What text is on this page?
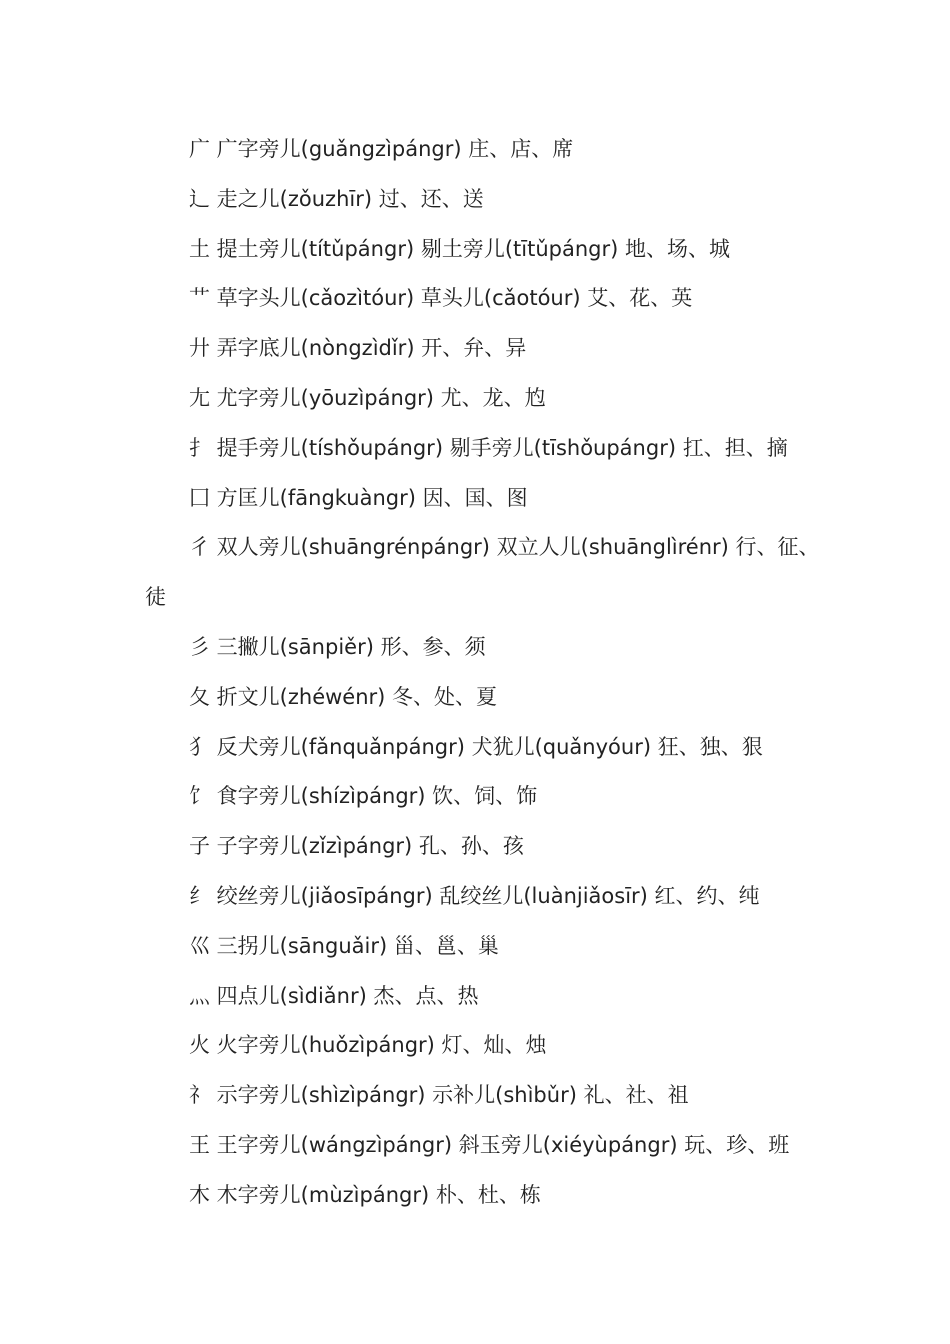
广 广字旁儿(guǎngzìpángr) 庄、店、席
辶 走之儿(zǒuzhīr) 过、还、送
土 提土旁儿(títǔpángr) 剔土旁儿(tītǔpángr) 地、场、城
艹 草字头儿(cǎozìtóur) 草头儿(cǎotóur) 艾、花、英
廾 弄字底儿(nòngzìdǐr) 开、弁、异
尢 尤字旁儿(yōuzìpángr) 尤、龙、尥
扌 提手旁儿(tíshǒupángr) 剔手旁儿(tīshǒupángr) 扛、担、摘
囗 方匡儿(fāngkuàngr) 因、国、图
彳 双人旁儿(shuāngrénpángr) 双立人儿(shuānglìrénr) 行、征、
徒
彡 三撇儿(sānpiěr) 形、参、须
夂 折文儿(zhéwénr) 冬、处、夏
犭 反犬旁儿(fǎnquǎnpángr) 犬犹儿(quǎnyóur) 狂、独、狠
饣 食字旁儿(shízìpángr) 饮、饲、饰
子 子字旁儿(zǐzìpángr) 孔、孙、孩
纟 绞丝旁儿(jiǎosīpángr) 乱绞丝儿(luànjiǎosīr) 红、约、纯
巛 三拐儿(sānguǎir) 甾、邕、巢
灬 四点儿(sìdiǎnr) 杰、点、热
火 火字旁儿(huǒzìpángr) 灯、灿、烛
礻 示字旁儿(shìzìpángr) 示补儿(shìbǔr) 礼、社、祖
王 王字旁儿(wángzìpángr) 斜玉旁儿(xiéyùpángr) 玩、珍、班
木 木字旁儿(mùzìpángr) 朴、杜、栋
